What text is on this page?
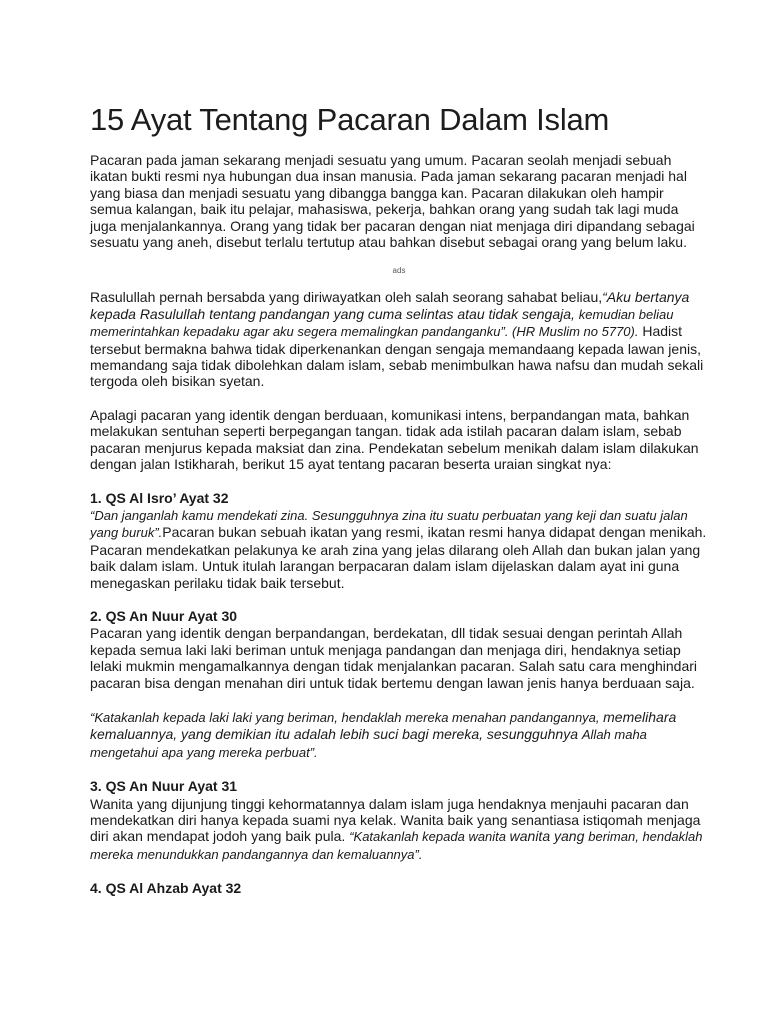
15 Ayat Tentang Pacaran Dalam Islam

Pacaran pada jaman sekarang menjadi sesuatu yang umum. Pacaran seolah menjadi sebuah ikatan bukti resmi nya hubungan dua insan manusia. Pada jaman sekarang pacaran menjadi hal yang biasa dan menjadi sesuatu yang dibangga bangga kan. Pacaran dilakukan oleh hampir semua kalangan, baik itu pelajar, mahasiswa, pekerja, bahkan orang yang sudah tak lagi muda juga menjalankannya. Orang yang tidak ber pacaran dengan niat menjaga diri dipandang sebagai sesuatu yang aneh, disebut terlalu tertutup atau bahkan disebut sebagai orang yang belum laku.

ads

Rasulullah pernah bersabda yang diriwayatkan oleh salah seorang sahabat beliau,“Aku bertanya kepada Rasulullah tentang pandangan yang cuma selintas atau tidak sengaja, kemudian beliau memerintahkan kepadaku agar aku segera memalingkan pandanganku”. (HR Muslim no 5770). Hadist tersebut bermakna bahwa tidak diperkenankan dengan sengaja memandaang kepada lawan jenis, memandang saja tidak dibolehkan dalam islam, sebab menimbulkan hawa nafsu dan mudah sekali tergoda oleh bisikan syetan.

Apalagi pacaran yang identik dengan berduaan, komunikasi intens, berpandangan mata, bahkan melakukan sentuhan seperti berpegangan tangan. tidak ada istilah pacaran dalam islam, sebab pacaran menjurus kepada maksiat dan zina. Pendekatan sebelum menikah dalam islam dilakukan dengan jalan Istikharah, berikut 15 ayat tentang pacaran beserta uraian singkat nya:

1. QS Al Isro’ Ayat 32

“Dan janganlah kamu mendekati zina. Sesungguhnya zina itu suatu perbuatan yang keji dan suatu jalan yang buruk”.Pacaran bukan sebuah ikatan yang resmi, ikatan resmi hanya didapat dengan menikah. Pacaran mendekatkan pelakunya ke arah zina yang jelas dilarang oleh Allah dan bukan jalan yang baik dalam islam. Untuk itulah larangan berpacaran dalam islam dijelaskan dalam ayat ini guna menegaskan perilaku tidak baik tersebut.

2. QS An Nuur Ayat 30

Pacaran yang identik dengan berpandangan, berdekatan, dll tidak sesuai dengan perintah Allah kepada semua laki laki beriman untuk menjaga pandangan dan menjaga diri, hendaknya setiap lelaki mukmin mengamalkannya dengan tidak menjalankan pacaran. Salah satu cara menghindari pacaran bisa dengan menahan diri untuk tidak bertemu dengan lawan jenis hanya berduaan saja.

“Katakanlah kepada laki laki yang beriman, hendaklah mereka menahan pandangannya, memelihara kemaluannya, yang demikian itu adalah lebih suci bagi mereka, sesungguhnya Allah maha mengetahui apa yang mereka perbuat”.

3. QS An Nuur Ayat 31

Wanita yang dijunjung tinggi kehormatannya dalam islam juga hendaknya menjauhi pacaran dan mendekatkan diri hanya kepada suami nya kelak. Wanita baik yang senantiasa istiqomah menjaga diri akan mendapat jodoh yang baik pula. “Katakanlah kepada wanita wanita yang beriman, hendaklah mereka menundukkan pandangannya dan kemaluannya”.

4. QS Al Ahzab Ayat 32
